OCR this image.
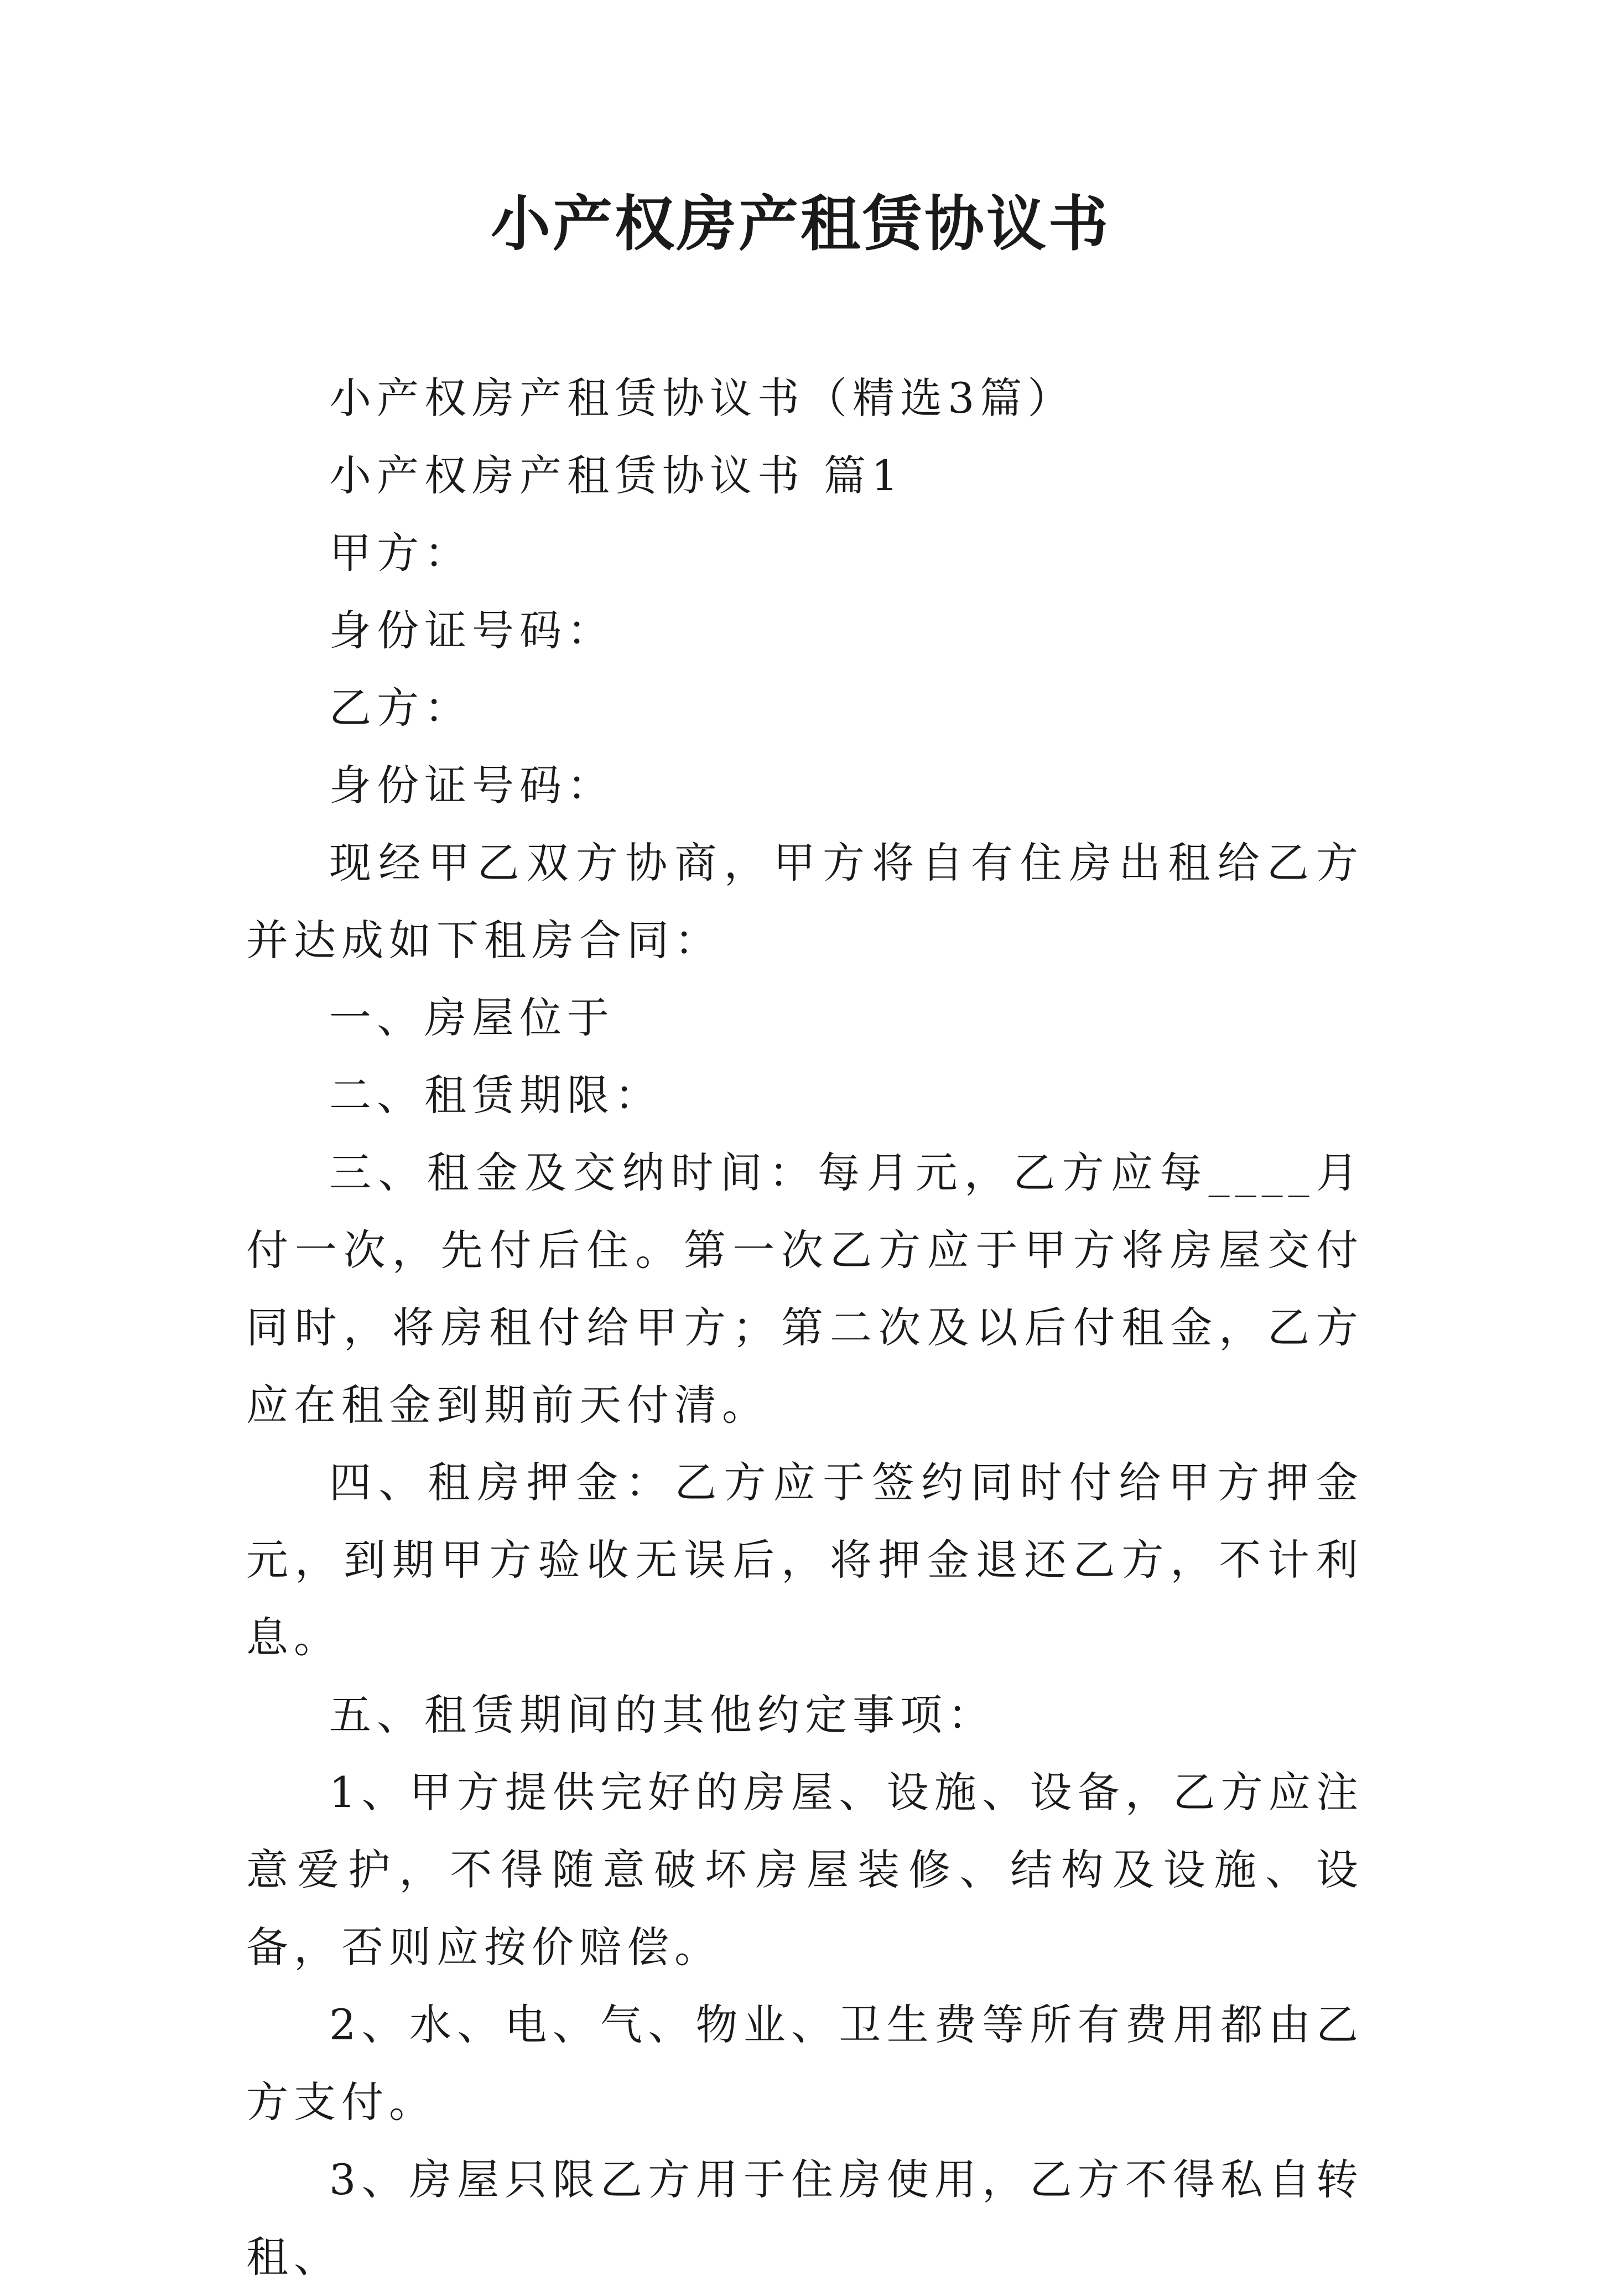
小产权房产租赁协议书

小产权房产租赁协议书（精选3篇）

小产权房产租赁协议书 篇1

甲方：

身份证号码：

乙方：

身份证号码：

现经甲乙双方协商，甲方将自有住房出租给乙方并达成如下租房合同：

一、房屋位于

二、租赁期限：

三、租金及交纳时间：每月元，乙方应每____月付一次，先付后住。第一次乙方应于甲方将房屋交付同时，将房租付给甲方；第二次及以后付租金，乙方应在租金到期前天付清。

四、租房押金：乙方应于签约同时付给甲方押金元，到期甲方验收无误后，将押金退还乙方，不计利息。

五、租赁期间的其他约定事项：

1、甲方提供完好的房屋、设施、设备，乙方应注意爱护，不得随意破坏房屋装修、结构及设施、设备，否则应按价赔偿。

2、水、电、气、物业、卫生费等所有费用都由乙方支付。

3、房屋只限乙方用于住房使用，乙方不得私自转租、
